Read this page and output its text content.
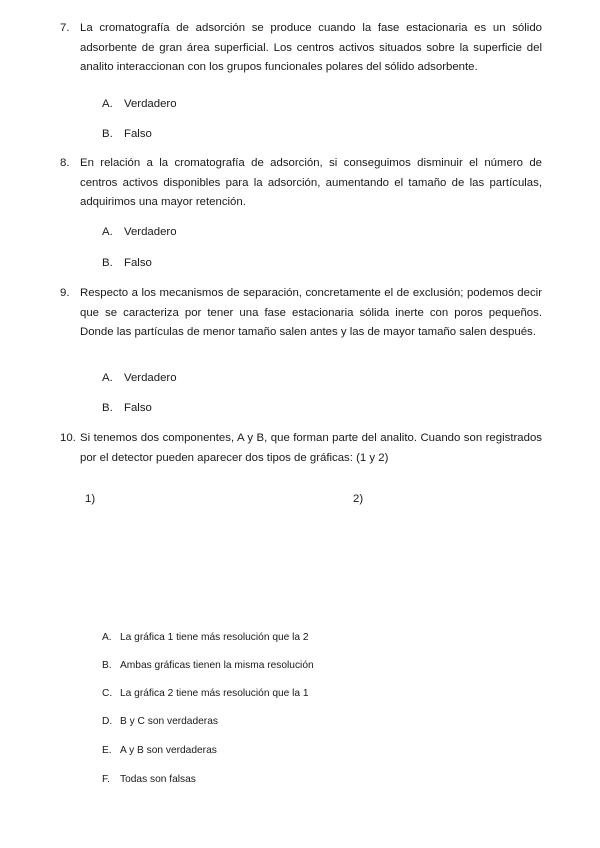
7. La cromatografía de adsorción se produce cuando la fase estacionaria es un sólido adsorbente de gran área superficial. Los centros activos situados sobre la superficie del analito interaccionan con los grupos funcionales polares del sólido adsorbente.
A. Verdadero
B. Falso
8. En relación a la cromatografía de adsorción, si conseguimos disminuir el número de centros activos disponibles para la adsorción, aumentando el tamaño de las partículas, adquirimos una mayor retención.
A. Verdadero
B. Falso
9. Respecto a los mecanismos de separación, concretamente el de exclusión; podemos decir que se caracteriza por tener una fase estacionaria sólida inerte con poros pequeños. Donde las partículas de menor tamaño salen antes y las de mayor tamaño salen después.
A. Verdadero
B. Falso
10. Si tenemos dos componentes, A y B, que forman parte del analito. Cuando son registrados por el detector pueden aparecer dos tipos de gráficas: (1 y 2)
1)	2)
A. La gráfica 1 tiene más resolución que la 2
B. Ambas gráficas tienen la misma resolución
C. La gráfica 2 tiene más resolución que la 1
D. B y C son verdaderas
E. A y B son verdaderas
F. Todas son falsas
